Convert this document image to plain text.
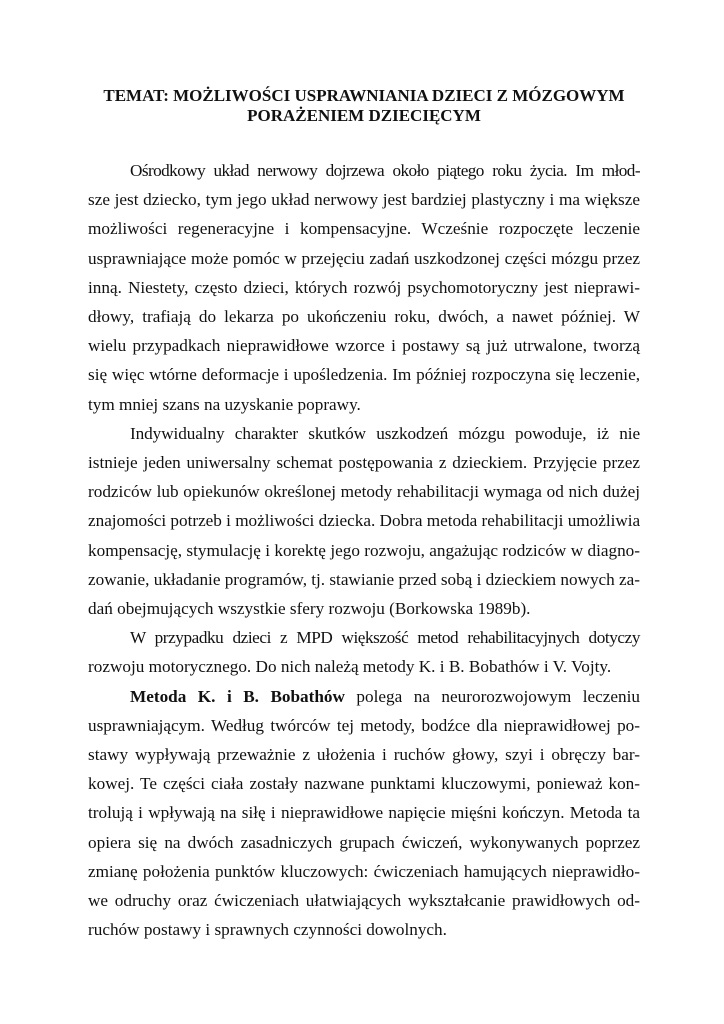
TEMAT: MOŻLIWOŚCI USPRAWNIANIA DZIECI Z MÓZGOWYM
PORAŻENIEM DZIECIĘCYM

Ośrodkowy układ nerwowy dojrzewa około piątego roku życia. Im młod-
sze jest dziecko, tym jego układ nerwowy jest bardziej plastyczny i ma większe
możliwości regeneracyjne i kompensacyjne. Wcześnie rozpoczęte leczenie
usprawniające może pomóc w przejęciu zadań uszkodzonej części mózgu przez
inną. Niestety, często dzieci, których rozwój psychomotoryczny jest nieprawi-
dłowy, trafiają do lekarza po ukończeniu roku, dwóch, a nawet później. W
wielu przypadkach nieprawidłowe wzorce i postawy są już utrwalone, tworzą
się więc wtórne deformacje i upośledzenia. Im później rozpoczyna się leczenie,
tym mniej szans na uzyskanie poprawy.

Indywidualny charakter skutków uszkodzeń mózgu powoduje, iż nie
istnieje jeden uniwersalny schemat postępowania z dzieckiem. Przyjęcie przez
rodziców lub opiekunów określonej metody rehabilitacji wymaga od nich dużej
znajomości potrzeb i możliwości dziecka. Dobra metoda rehabilitacji umożliwia
kompensację, stymulację i korektę jego rozwoju, angażując rodziców w diagno-
zowanie, układanie programów, tj. stawianie przed sobą i dzieckiem nowych za-
dań obejmujących wszystkie sfery rozwoju (Borkowska 1989b).

W przypadku dzieci z MPD większość metod rehabilitacyjnych dotyczy
rozwoju motorycznego. Do nich należą metody K. i B. Bobathów i V. Vojty.

Metoda K. i B. Bobathów polega na neurorozwojowym leczeniu
usprawniającym. Według twórców tej metody, bodźce dla nieprawidłowej po-
stawy wypływają przeważnie z ułożenia i ruchów głowy, szyi i obręczy bar-
kowej. Te części ciała zostały nazwane punktami kluczowymi, ponieważ kon-
trolują i wpływają na siłę i nieprawidłowe napięcie mięśni kończyn. Metoda ta
opiera się na dwóch zasadniczych grupach ćwiczeń, wykonywanych poprzez
zmianę położenia punktów kluczowych: ćwiczeniach hamujących nieprawidło-
we odruchy oraz ćwiczeniach ułatwiających wykształcanie prawidłowych od-
ruchów postawy i sprawnych czynności dowolnych.
